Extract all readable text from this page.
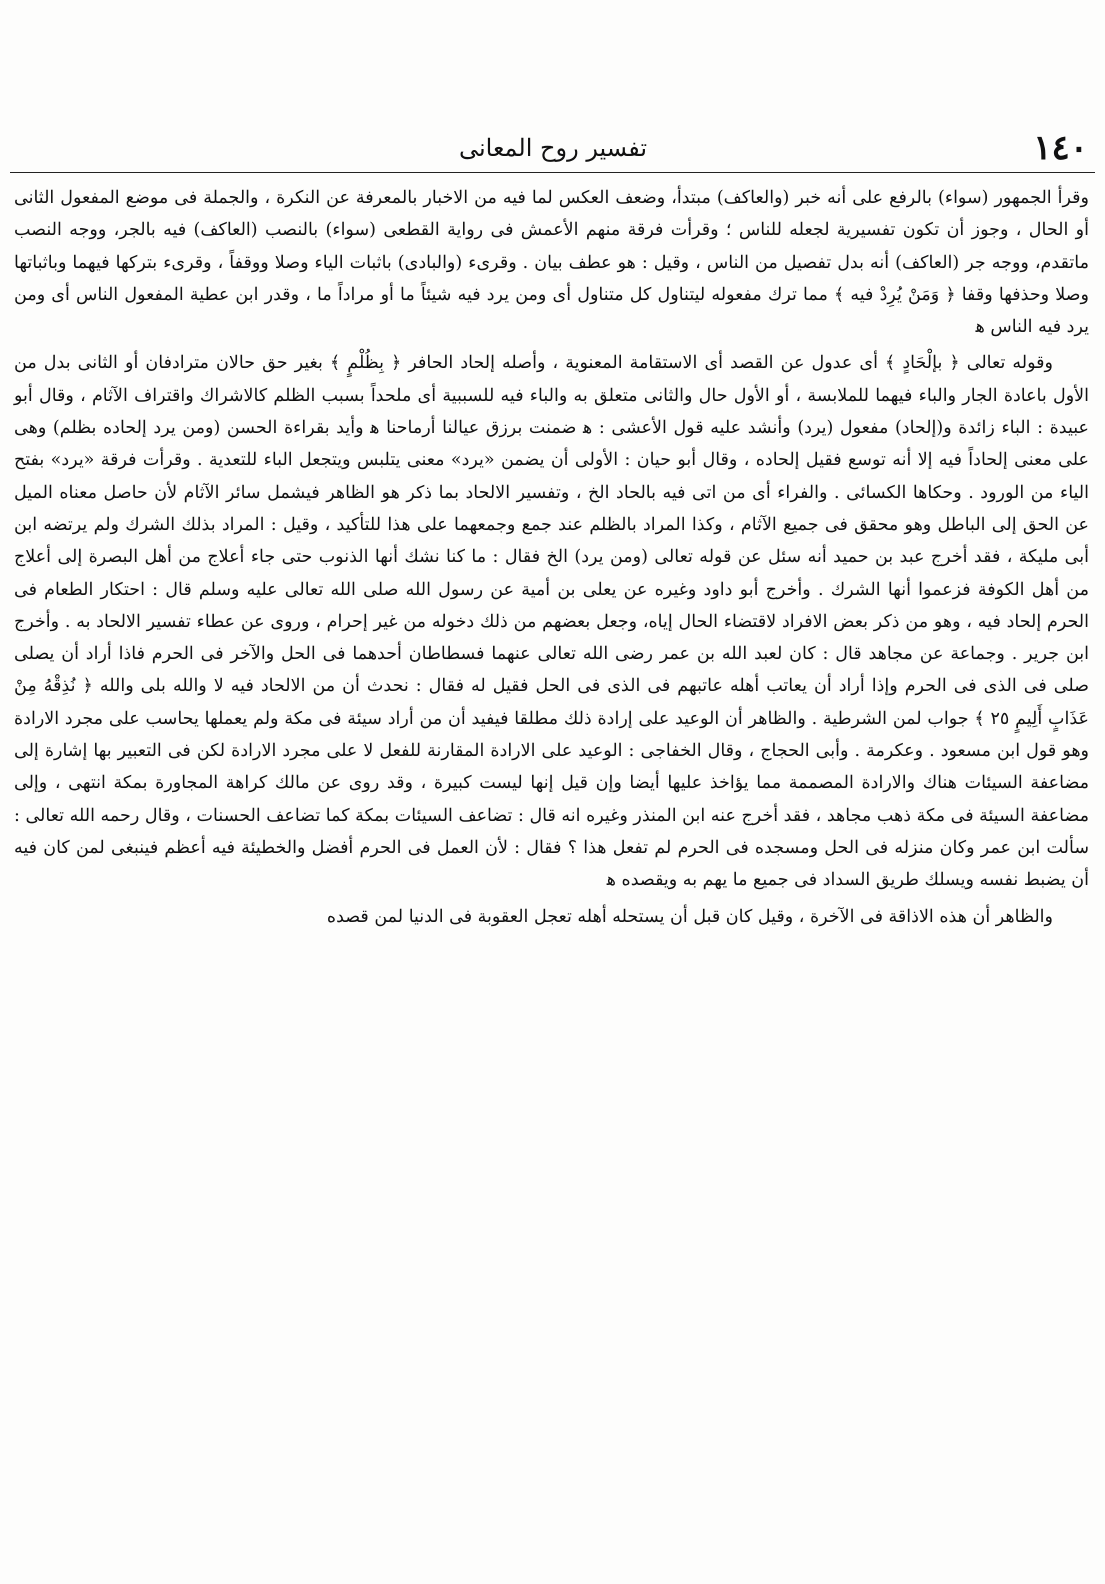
١٤٠
تفسير روح المعانى

وقرأ الجمهور (سواء) بالرفع على أنه خبر (والعاكف) مبتدأ، وضعف العكس لما فيه من الاخبار بالمعرفة عن النكرة ، والجملة فى موضع المفعول الثانى أو الحال ، وجوز أن تكون تفسيرية لجعله للناس ؛ وقرأت فرقة منهم الأعمش فى رواية القطعى (سواء) بالنصب (العاكف) فيه بالجر، ووجه النصب ماتقدم، ووجه جر (العاكف) أنه بدل تفصيل من الناس ، وقيل : هو عطف بيان . وقرىء (والبادى) باثبات الياء وصلا ووقفاً ، وقرىء بتركها فيهما وباثباتها وصلا وحذفها وقفا ﴿ وَمَنْ يُرِدْ فيه ﴾ مما ترك مفعوله ليتناول كل متناول أى ومن يرد فيه شيئاً ما أو مراداً ما ، وقدر ابن عطية المفعول الناس أى ومن يرد فيه الناس ﻫ

وقوله تعالى ﴿ بإلْحَادٍ ﴾ أى عدول عن القصد أى الاستقامة المعنوية ، وأصله إلحاد الحافر ﴿ بِظُلْمٍ ﴾ بغير حق حالان مترادفان أو الثانى بدل من الأول باعادة الجار والباء فيهما للملابسة ، أو الأول حال والثانى متعلق به والباء فيه للسببية أى ملحداً بسبب الظلم كالاشراك واقتراف الآثام ، وقال أبو عبيدة : الباء زائدة و(إلحاد) مفعول (يرد) وأنشد عليه قول الأعشى : ﻫ ضمنت برزق عيالنا أرماحنا ﻫ وأيد بقراءة الحسن (ومن يرد إلحاده بظلم) وهى على معنى إلحاداً فيه إلا أنه توسع فقيل إلحاده ، وقال أبو حيان : الأولى أن يضمن «يرد» معنى يتلبس ويتجعل الباء للتعدية . وقرأت فرقة «يرد» بفتح الياء من الورود . وحكاها الكسائى . والفراء أى من اتى فيه بالحاد الخ ، وتفسير الالحاد بما ذكر هو الظاهر فيشمل سائر الآثام لأن حاصل معناه الميل عن الحق إلى الباطل وهو محقق فى جميع الآثام ، وكذا المراد بالظلم عند جمع وجمعهما على هذا للتأكيد ، وقيل : المراد بذلك الشرك ولم يرتضه ابن أبى مليكة ، فقد أخرج عبد بن حميد أنه سئل عن قوله تعالى (ومن يرد) الخ فقال : ما كنا نشك أنها الذنوب حتى جاء أعلاج من أهل البصرة إلى أعلاج من أهل الكوفة فزعموا أنها الشرك . وأخرج أبو داود وغيره عن يعلى بن أمية عن رسول الله صلى الله تعالى عليه وسلم قال : احتكار الطعام فى الحرم إلحاد فيه ، وهو من ذكر بعض الافراد لاقتضاء الحال إياه، وجعل بعضهم من ذلك دخوله من غير إحرام ، وروى عن عطاء تفسير الالحاد به . وأخرج ابن جرير . وجماعة عن مجاهد قال : كان لعبد الله بن عمر رضى الله تعالى عنهما فسطاطان أحدهما فى الحل والآخر فى الحرم فاذا أراد أن يصلى صلى فى الذى فى الحرم وإذا أراد أن يعاتب أهله عاتبهم فى الذى فى الحل فقيل له فقال : نحدث أن من الالحاد فيه لا والله بلى والله ﴿ نُذِقْهُ مِنْ عَذَابٍ أَلِيمٍ ٢٥ ﴾ جواب لمن الشرطية . والظاهر أن الوعيد على إرادة ذلك مطلقا فيفيد أن من أراد سيئة فى مكة ولم يعملها يحاسب على مجرد الارادة وهو قول ابن مسعود . وعكرمة . وأبى الحجاج ، وقال الخفاجى : الوعيد على الارادة المقارنة للفعل لا على مجرد الارادة لكن فى التعبير بها إشارة إلى مضاعفة السيئات هناك والارادة المصممة مما يؤاخذ عليها أيضا وإن قيل إنها ليست كبيرة ، وقد روى عن مالك كراهة المجاورة بمكة انتهى ، وإلى مضاعفة السيئة فى مكة ذهب مجاهد ، فقد أخرج عنه ابن المنذر وغيره انه قال : تضاعف السيئات بمكة كما تضاعف الحسنات ، وقال رحمه الله تعالى : سألت ابن عمر وكان منزله فى الحل ومسجده فى الحرم لم تفعل هذا ؟ فقال : لأن العمل فى الحرم أفضل والخطيئة فيه أعظم فينبغى لمن كان فيه أن يضبط نفسه ويسلك طريق السداد فى جميع ما يهم به ويقصده ﻫ

والظاهر أن هذه الاذاقة فى الآخرة ، وقيل كان قبل أن يستحله أهله تعجل العقوبة فى الدنيا لمن قصده
